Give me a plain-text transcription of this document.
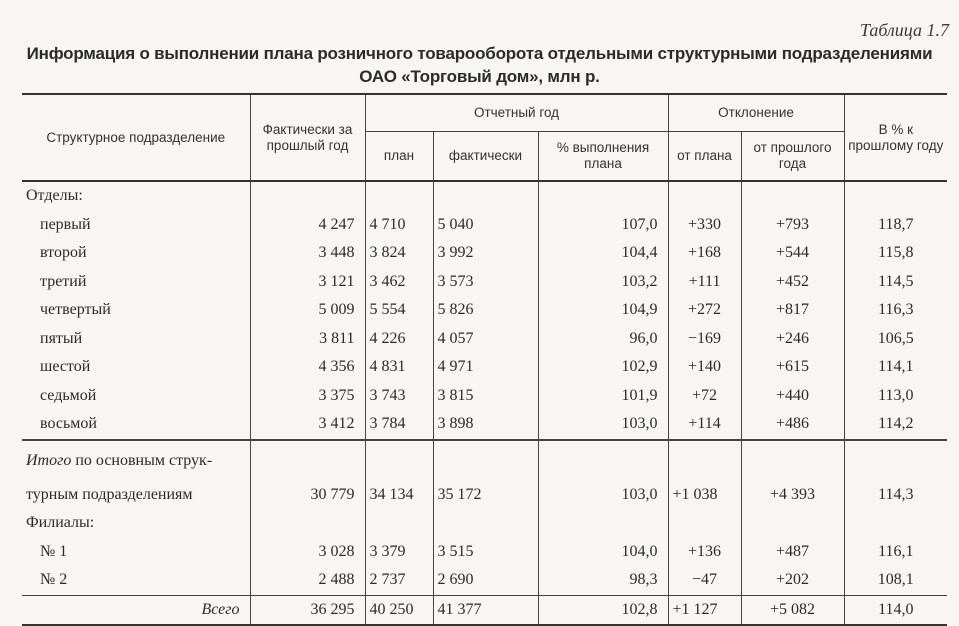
Таблица 1.7
Информация о выполнении плана розничного товарооборота отдельными структурными подразделениями
ОАО «Торговый дом», млн р.
Структурное подразделение	Фактически за прошлый год	Отчетный год			Отклонение		В % к прошлому году
		план	фактически	% выполнения плана	от плана	от прошлого года	
Отделы:							
первый	4 247	4 710	5 040	107,0	+330	+793	118,7
второй	3 448	3 824	3 992	104,4	+168	+544	115,8
третий	3 121	3 462	3 573	103,2	+111	+452	114,5
четвертый	5 009	5 554	5 826	104,9	+272	+817	116,3
пятый	3 811	4 226	4 057	96,0	−169	+246	106,5
шестой	4 356	4 831	4 971	102,9	+140	+615	114,1
седьмой	3 375	3 743	3 815	101,9	+72	+440	113,0
восьмой	3 412	3 784	3 898	103,0	+114	+486	114,2
Итого по основным струк-							
турным подразделениям	30 779	34 134	35 172	103,0	+1 038	+4 393	114,3
Филиалы:							
№ 1	3 028	3 379	3 515	104,0	+136	+487	116,1
№ 2	2 488	2 737	2 690	98,3	−47	+202	108,1
Всего	36 295	40 250	41 377	102,8	+1 127	+5 082	114,0
